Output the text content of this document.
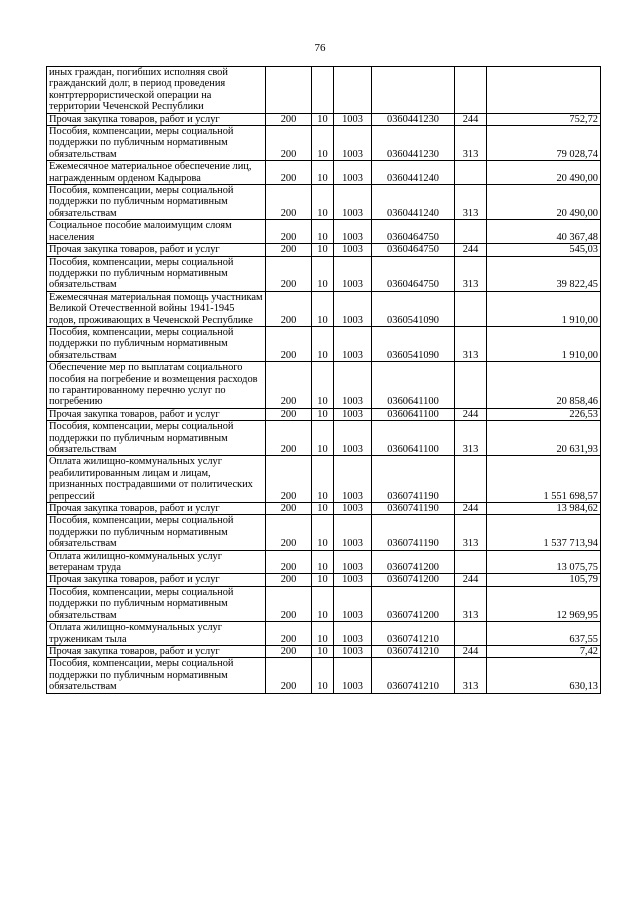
76
иных граждан, погибших исполняя свой гражданский долг, в период проведения контртеррористической операции на территории Чеченской Республики						
Прочая закупка товаров, работ и услуг	200	10	1003	0360441230	244	752,72
Пособия, компенсации, меры социальной поддержки по публичным нормативным обязательствам	200	10	1003	0360441230	313	79 028,74
Ежемесячное материальное обеспечение лиц, награжденным орденом Кадырова	200	10	1003	0360441240		20 490,00
Пособия, компенсации, меры социальной поддержки по публичным нормативным обязательствам	200	10	1003	0360441240	313	20 490,00
Социальное пособие малоимущим слоям населения	200	10	1003	0360464750		40 367,48
Прочая закупка товаров, работ и услуг	200	10	1003	0360464750	244	545,03
Пособия, компенсации, меры социальной поддержки по публичным нормативным обязательствам	200	10	1003	0360464750	313	39 822,45
Ежемесячная материальная помощь участникам Великой Отечественной войны 1941-1945 годов, проживающих в Чеченской Республике	200	10	1003	0360541090		1 910,00
Пособия, компенсации, меры социальной поддержки по публичным нормативным обязательствам	200	10	1003	0360541090	313	1 910,00
Обеспечение мер по выплатам социального пособия на погребение и возмещения расходов по гарантированному перечню услуг по погребению	200	10	1003	0360641100		20 858,46
Прочая закупка товаров, работ и услуг	200	10	1003	0360641100	244	226,53
Пособия, компенсации, меры социальной поддержки по публичным нормативным обязательствам	200	10	1003	0360641100	313	20 631,93
Оплата жилищно-коммунальных услуг реабилитированным лицам и лицам, признанных пострадавшими от политических репрессий	200	10	1003	0360741190		1 551 698,57
Прочая закупка товаров, работ и услуг	200	10	1003	0360741190	244	13 984,62
Пособия, компенсации, меры социальной поддержки по публичным нормативным обязательствам	200	10	1003	0360741190	313	1 537 713,94
Оплата жилищно-коммунальных услуг ветеранам труда	200	10	1003	0360741200		13 075,75
Прочая закупка товаров, работ и услуг	200	10	1003	0360741200	244	105,79
Пособия, компенсации, меры социальной поддержки по публичным нормативным обязательствам	200	10	1003	0360741200	313	12 969,95
Оплата жилищно-коммунальных услуг труженикам тыла	200	10	1003	0360741210		637,55
Прочая закупка товаров, работ и услуг	200	10	1003	0360741210	244	7,42
Пособия, компенсации, меры социальной поддержки по публичным нормативным обязательствам	200	10	1003	0360741210	313	630,13
